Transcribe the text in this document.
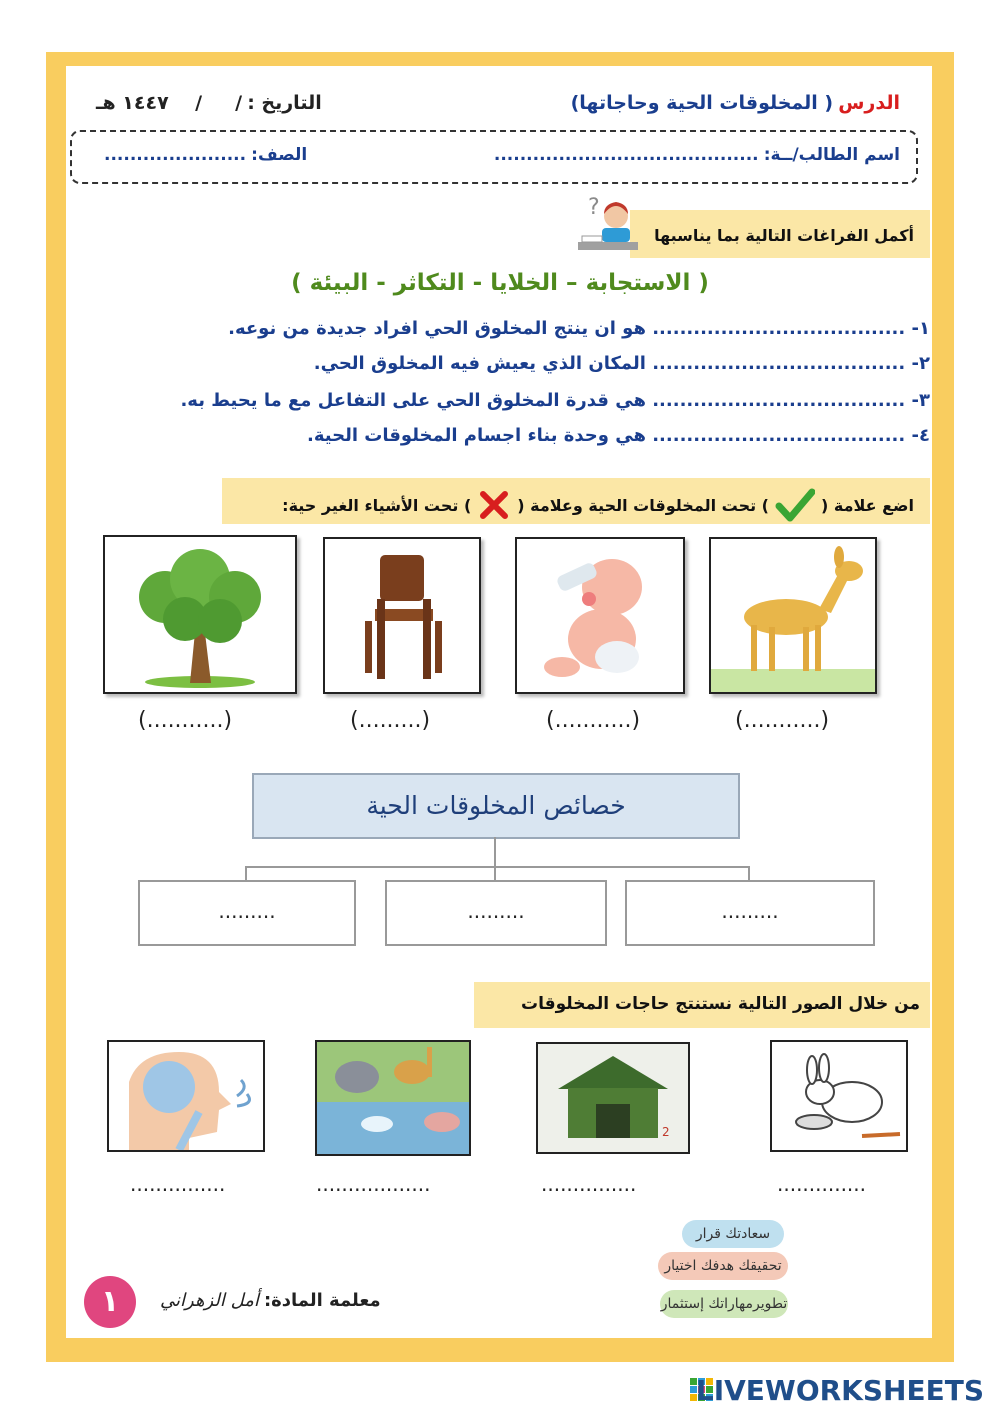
الدرس ( المخلوقات الحية وحاجاتها)
التاريخ : /     /    ١٤٤٧ هـ
اسم الطالب/ــة: .........................................
الصف: ......................
أكمل الفراغات التالية بما يناسبها
?
( الاستجابة – الخلايا - التكاثر - البيئة )
١- ..................................... هو ان ينتج المخلوق الحي افراد جديدة من نوعه.
٢- ..................................... المكان الذي يعيش فيه المخلوق الحي.
٣- ..................................... هي قدرة المخلوق الحي على التفاعل مع ما يحيط به.
٤- ..................................... هي وحدة بناء اجسام المخلوقات الحية.
اضع علامة (
) تحت المخلوقات الحية وعلامة (
) تحت الأشياء الغير حية:
(...........)	(.........)	(...........)	(...........)
خصائص المخلوقات الحية
.........	.........	.........
من خلال الصور التالية نستنتج حاجات المخلوقات
2
...............	..................	...............	..............
سعادتك قرار
تحقيقك هدفك اختيار
تطويرمهاراتك إستثمار
١	معلمة المادة: أمل الزهراني
LIVEWORKSHEETS
